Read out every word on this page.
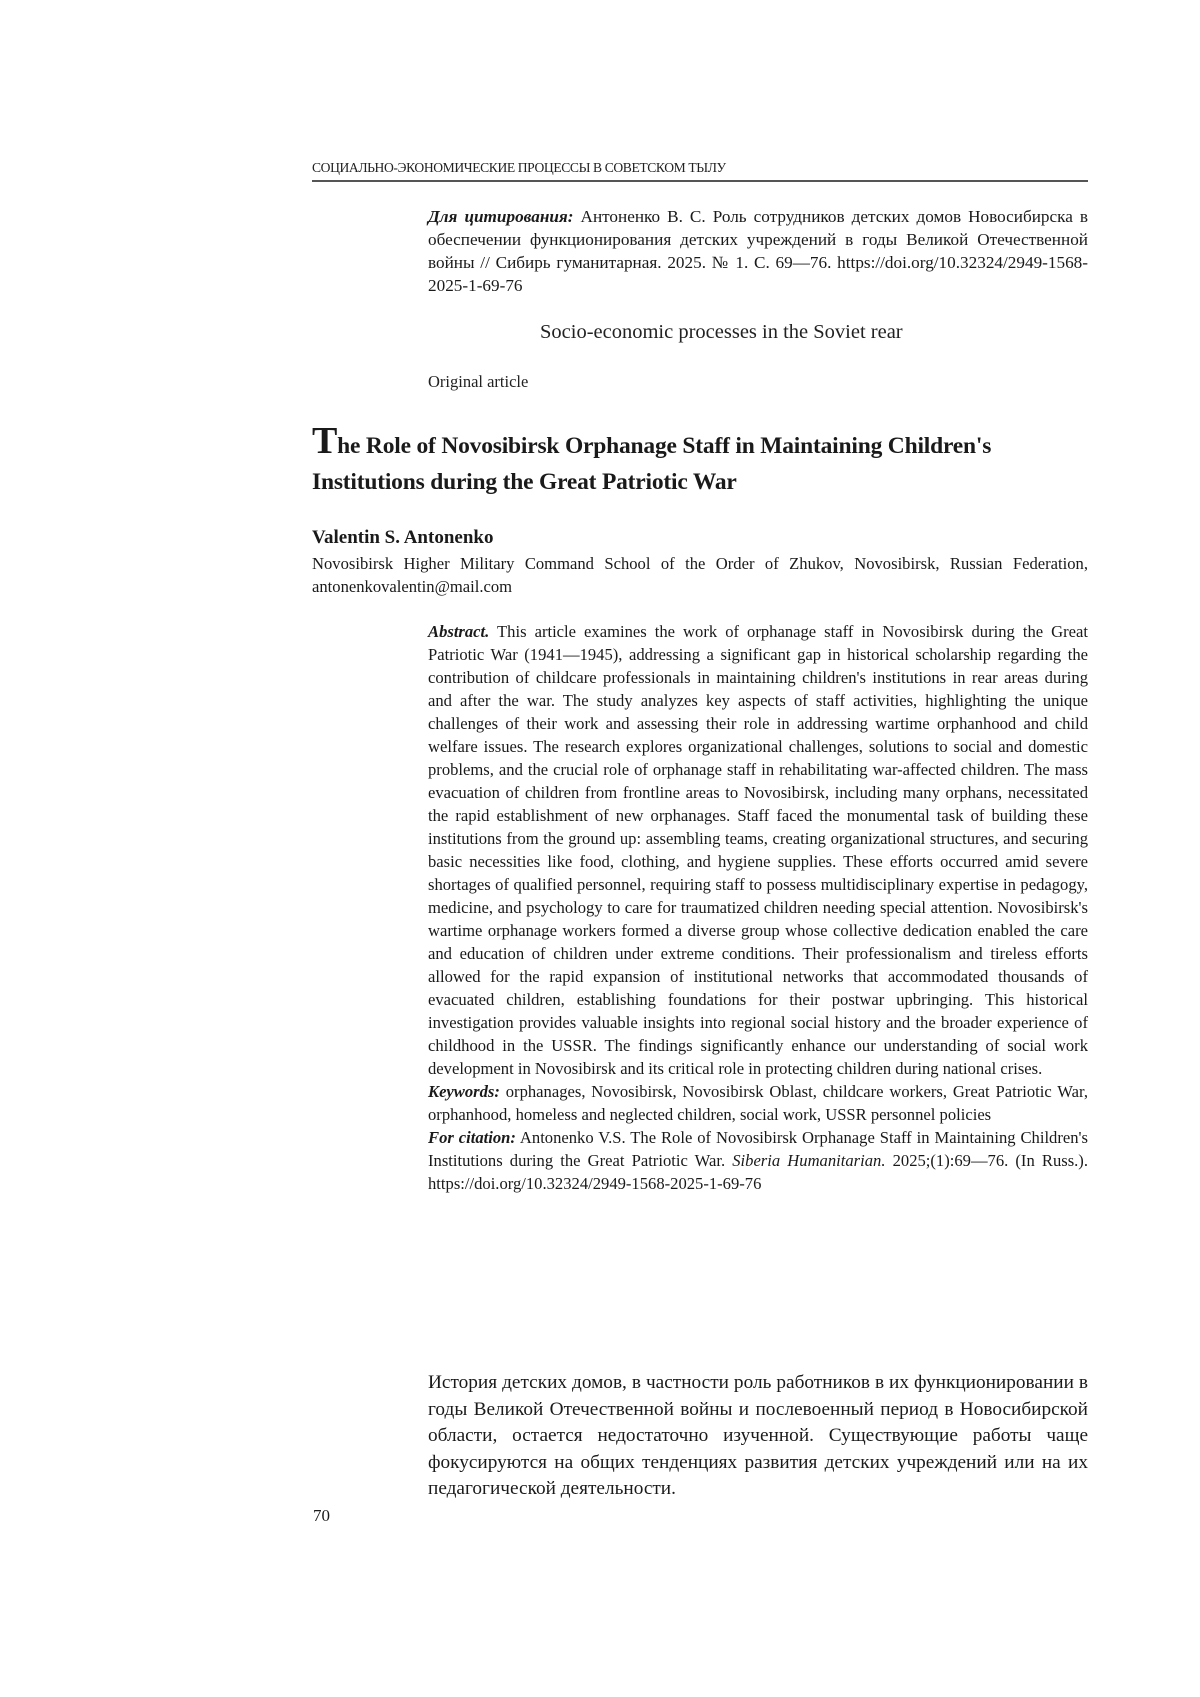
СОЦИАЛЬНО-ЭКОНОМИЧЕСКИЕ ПРОЦЕССЫ В СОВЕТСКОМ ТЫЛУ
Для цитирования: Антоненко В. С. Роль сотрудников детских домов Новосибирска в обеспечении функционирования детских учреждений в годы Великой Отечественной войны // Сибирь гуманитарная. 2025. № 1. С. 69—76. https://doi.org/10.32324/2949-1568-2025-1-69-76
Socio-economic processes in the Soviet rear
Original article
The Role of Novosibirsk Orphanage Staff in Maintaining Children's Institutions during the Great Patriotic War
Valentin S. Antonenko
Novosibirsk Higher Military Command School of the Order of Zhukov, Novosibirsk, Russian Federation, antonenkovalentin@mail.com

Abstract. This article examines the work of orphanage staff in Novosibirsk during the Great Patriotic War (1941—1945), addressing a significant gap in historical scholarship regarding the contribution of childcare professionals in maintaining children's institutions in rear areas during and after the war. The study analyzes key aspects of staff activities, highlighting the unique challenges of their work and assessing their role in addressing wartime orphanhood and child welfare issues. The research explores organizational challenges, solutions to social and domestic problems, and the crucial role of orphanage staff in rehabilitating war-affected children. The mass evacuation of children from frontline areas to Novosibirsk, including many orphans, necessitated the rapid establishment of new orphanages. Staff faced the monumental task of building these institutions from the ground up: assembling teams, creating organizational structures, and securing basic necessities like food, clothing, and hygiene supplies. These efforts occurred amid severe shortages of qualified personnel, requiring staff to possess multidisciplinary expertise in pedagogy, medicine, and psychology to care for traumatized children needing special attention. Novosibirsk's wartime orphanage workers formed a diverse group whose collective dedication enabled the care and education of children under extreme conditions. Their professionalism and tireless efforts allowed for the rapid expansion of institutional networks that accommodated thousands of evacuated children, establishing foundations for their postwar upbringing. This historical investigation provides valuable insights into regional social history and the broader experience of childhood in the USSR. The findings significantly enhance our understanding of social work development in Novosibirsk and its critical role in protecting children during national crises.

Keywords: orphanages, Novosibirsk, Novosibirsk Oblast, childcare workers, Great Patriotic War, orphanhood, homeless and neglected children, social work, USSR personnel policies

For citation: Antonenko V.S. The Role of Novosibirsk Orphanage Staff in Maintaining Children's Institutions during the Great Patriotic War. Siberia Humanitarian. 2025;(1):69—76. (In Russ.). https://doi.org/10.32324/2949-1568-2025-1-69-76

История детских домов, в частности роль работников в их функционировании в годы Великой Отечественной войны и послевоенный период в Новосибирской области, остается недостаточно изученной. Существующие работы чаще фокусируются на общих тенденциях развития детских учреждений или на их педагогической деятельности.

70
